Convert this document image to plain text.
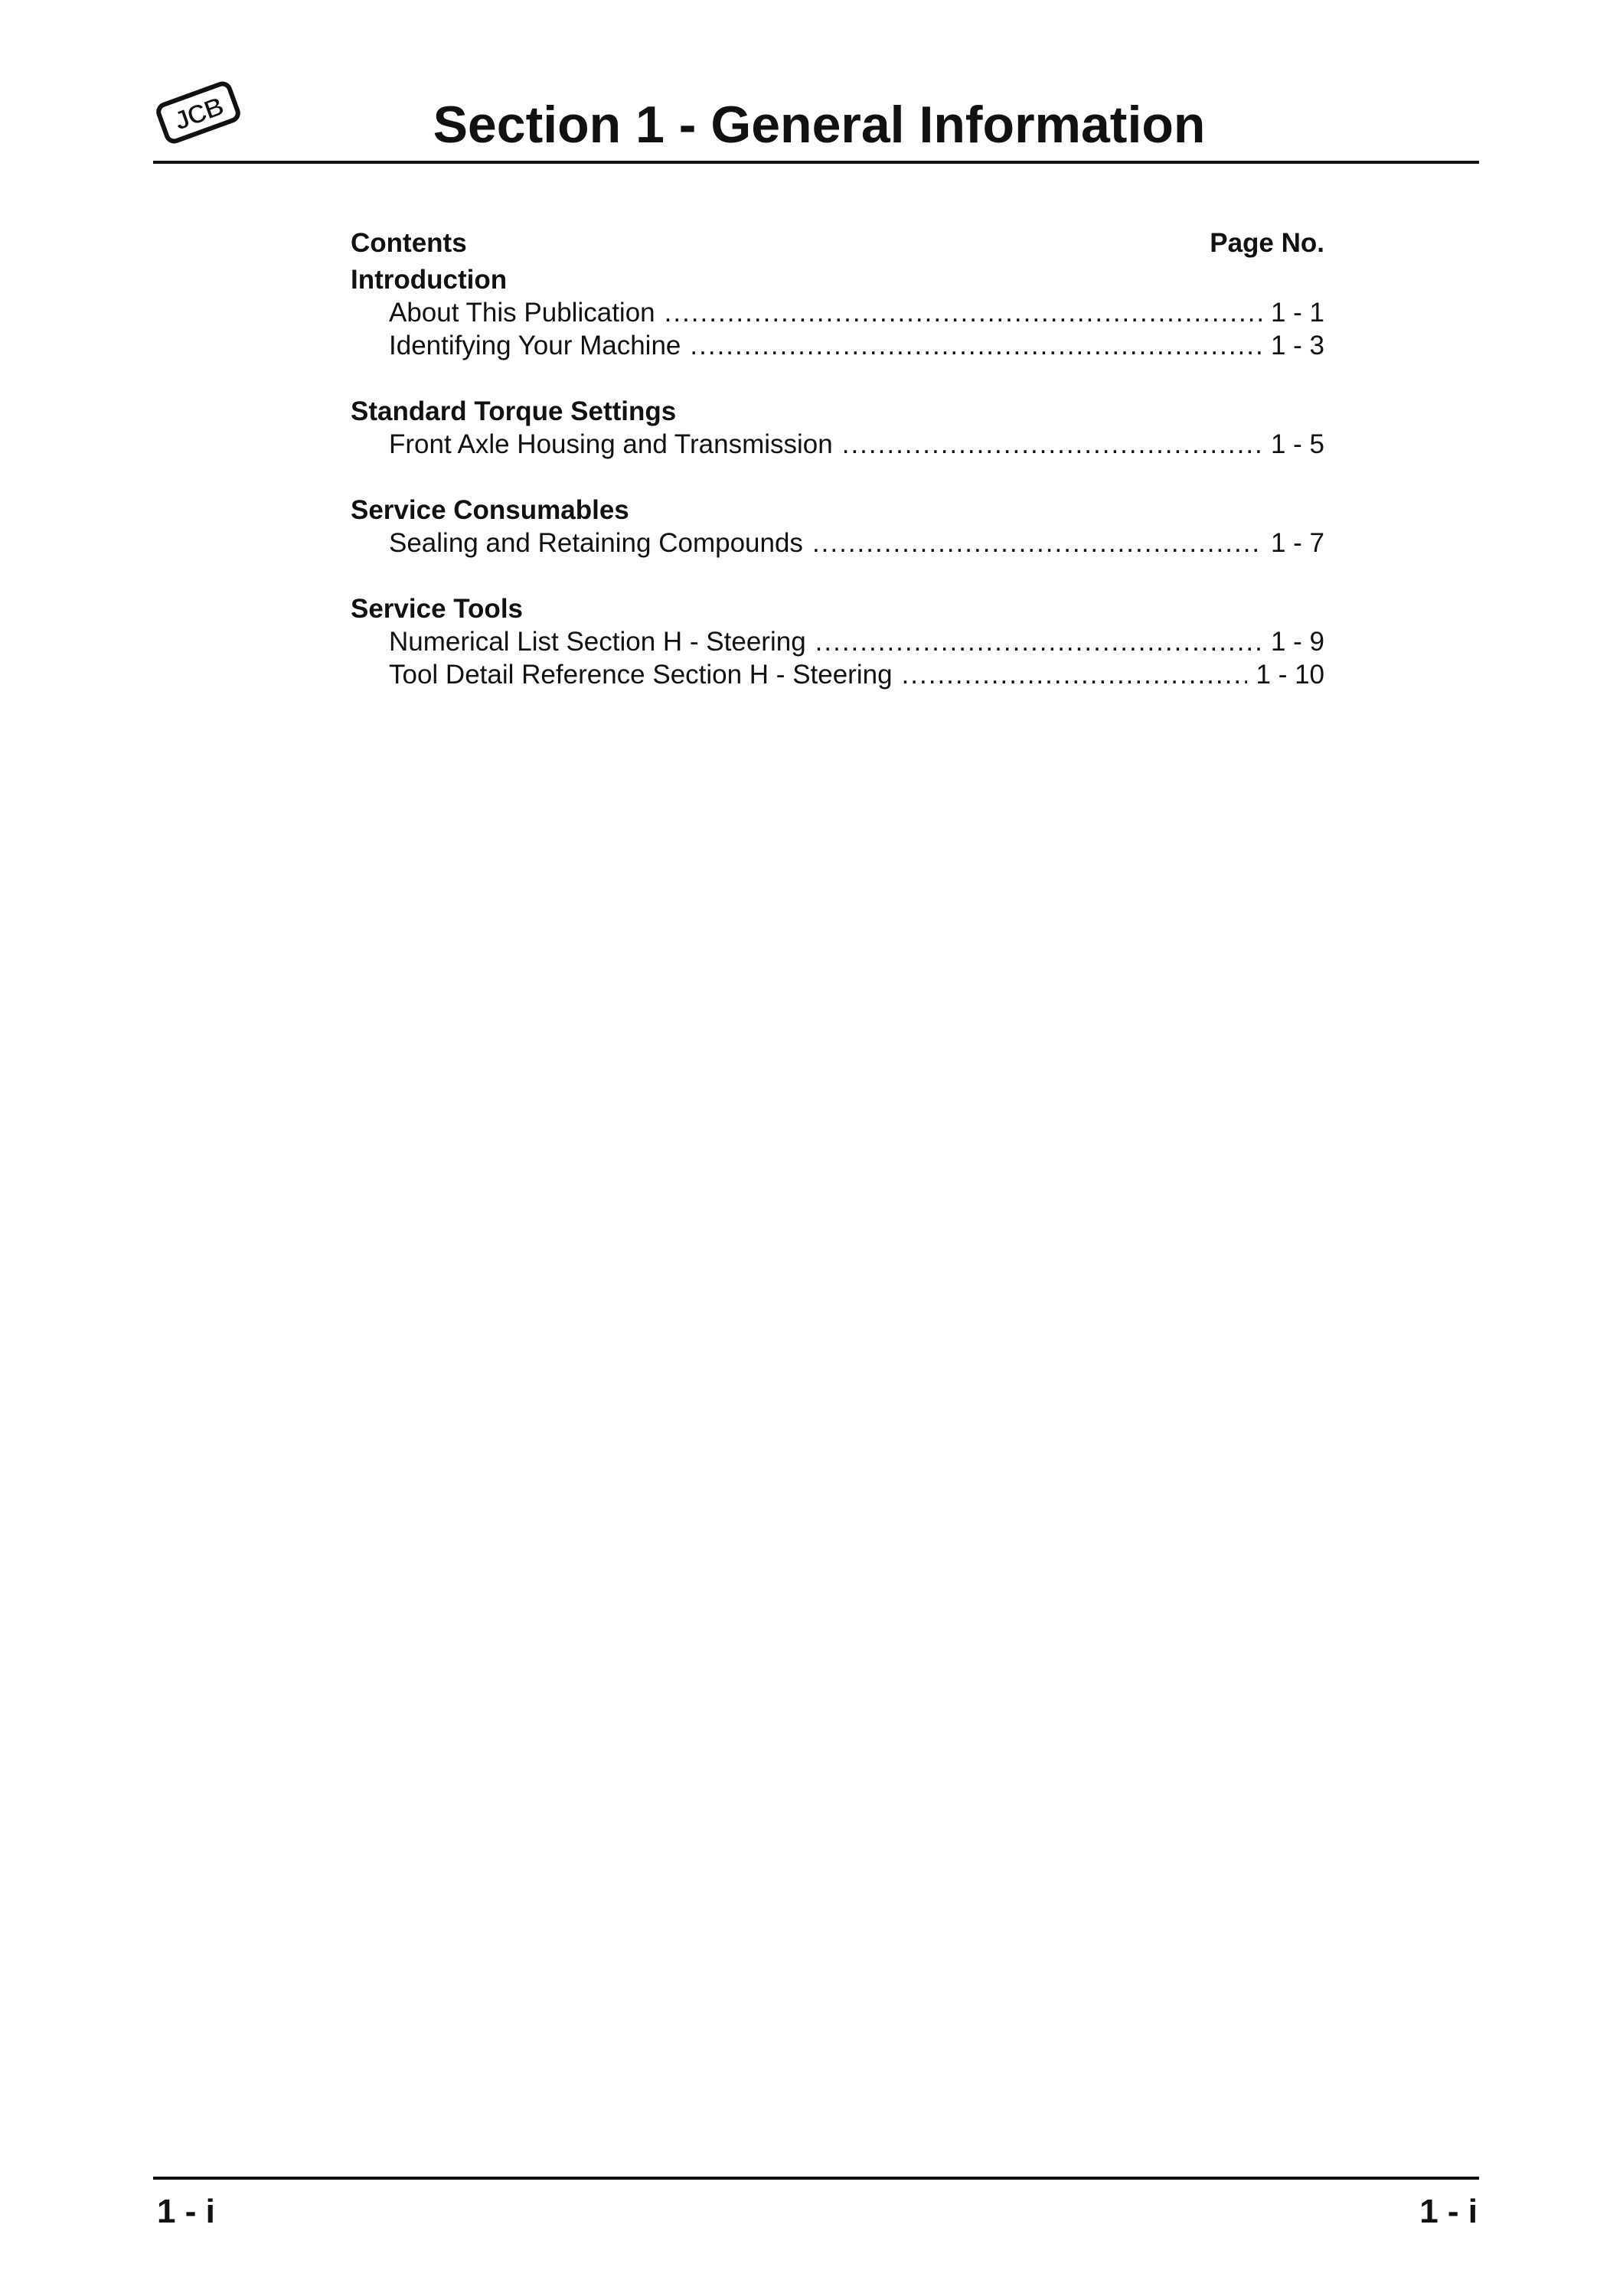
JCB	Section 1 - General Information
Contents	Page No.
Introduction
About This Publication .....	1 - 1
Identifying Your Machine .....	1 - 3
Standard Torque Settings
Front Axle Housing and Transmission .....	1 - 5
Service Consumables
Sealing and Retaining Compounds .....	1 - 7
Service Tools
Numerical List Section H - Steering .....	1 - 9
Tool Detail Reference Section H - Steering .....	1 - 10
1 - i	1 - i
